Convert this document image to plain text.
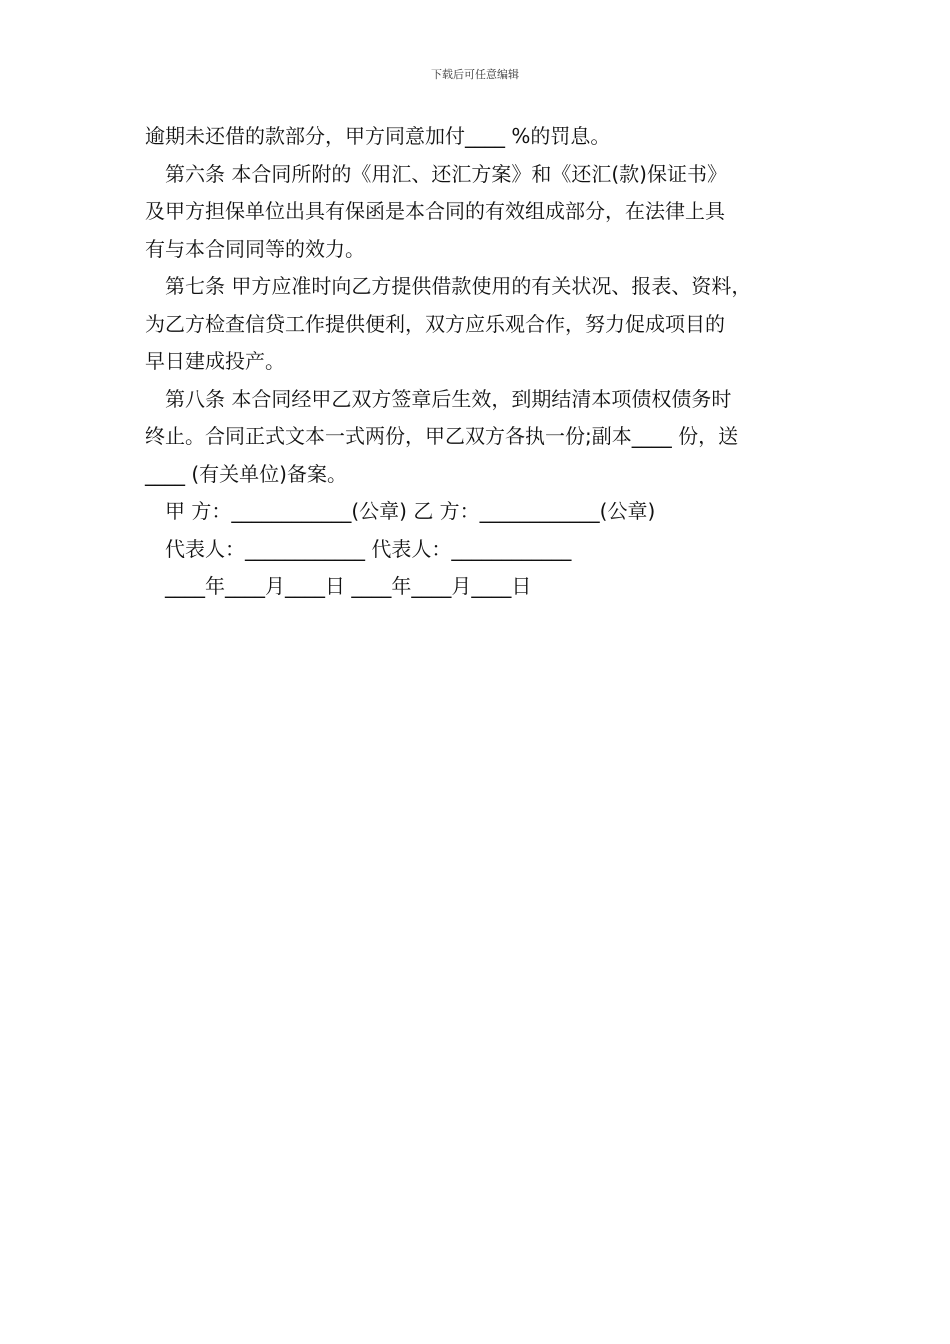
下载后可任意编辑
逾期未还借的款部分，甲方同意加付____ %的罚息。
第六条 本合同所附的《用汇、还汇方案》和《还汇(款)保证书》
及甲方担保单位出具有保函是本合同的有效组成部分，在法律上具
有与本合同同等的效力。
第七条 甲方应准时向乙方提供借款使用的有关状况、报表、资料，
为乙方检查信贷工作提供便利，双方应乐观合作，努力促成项目的
早日建成投产。
第八条 本合同经甲乙双方签章后生效，到期结清本项债权债务时
终止。合同正式文本一式两份，甲乙双方各执一份;副本____ 份，送
____ (有关单位)备案。
甲 方：____________(公章) 乙 方：____________(公章)
代表人：____________ 代表人：____________
____年____月____日 ____年____月____日
